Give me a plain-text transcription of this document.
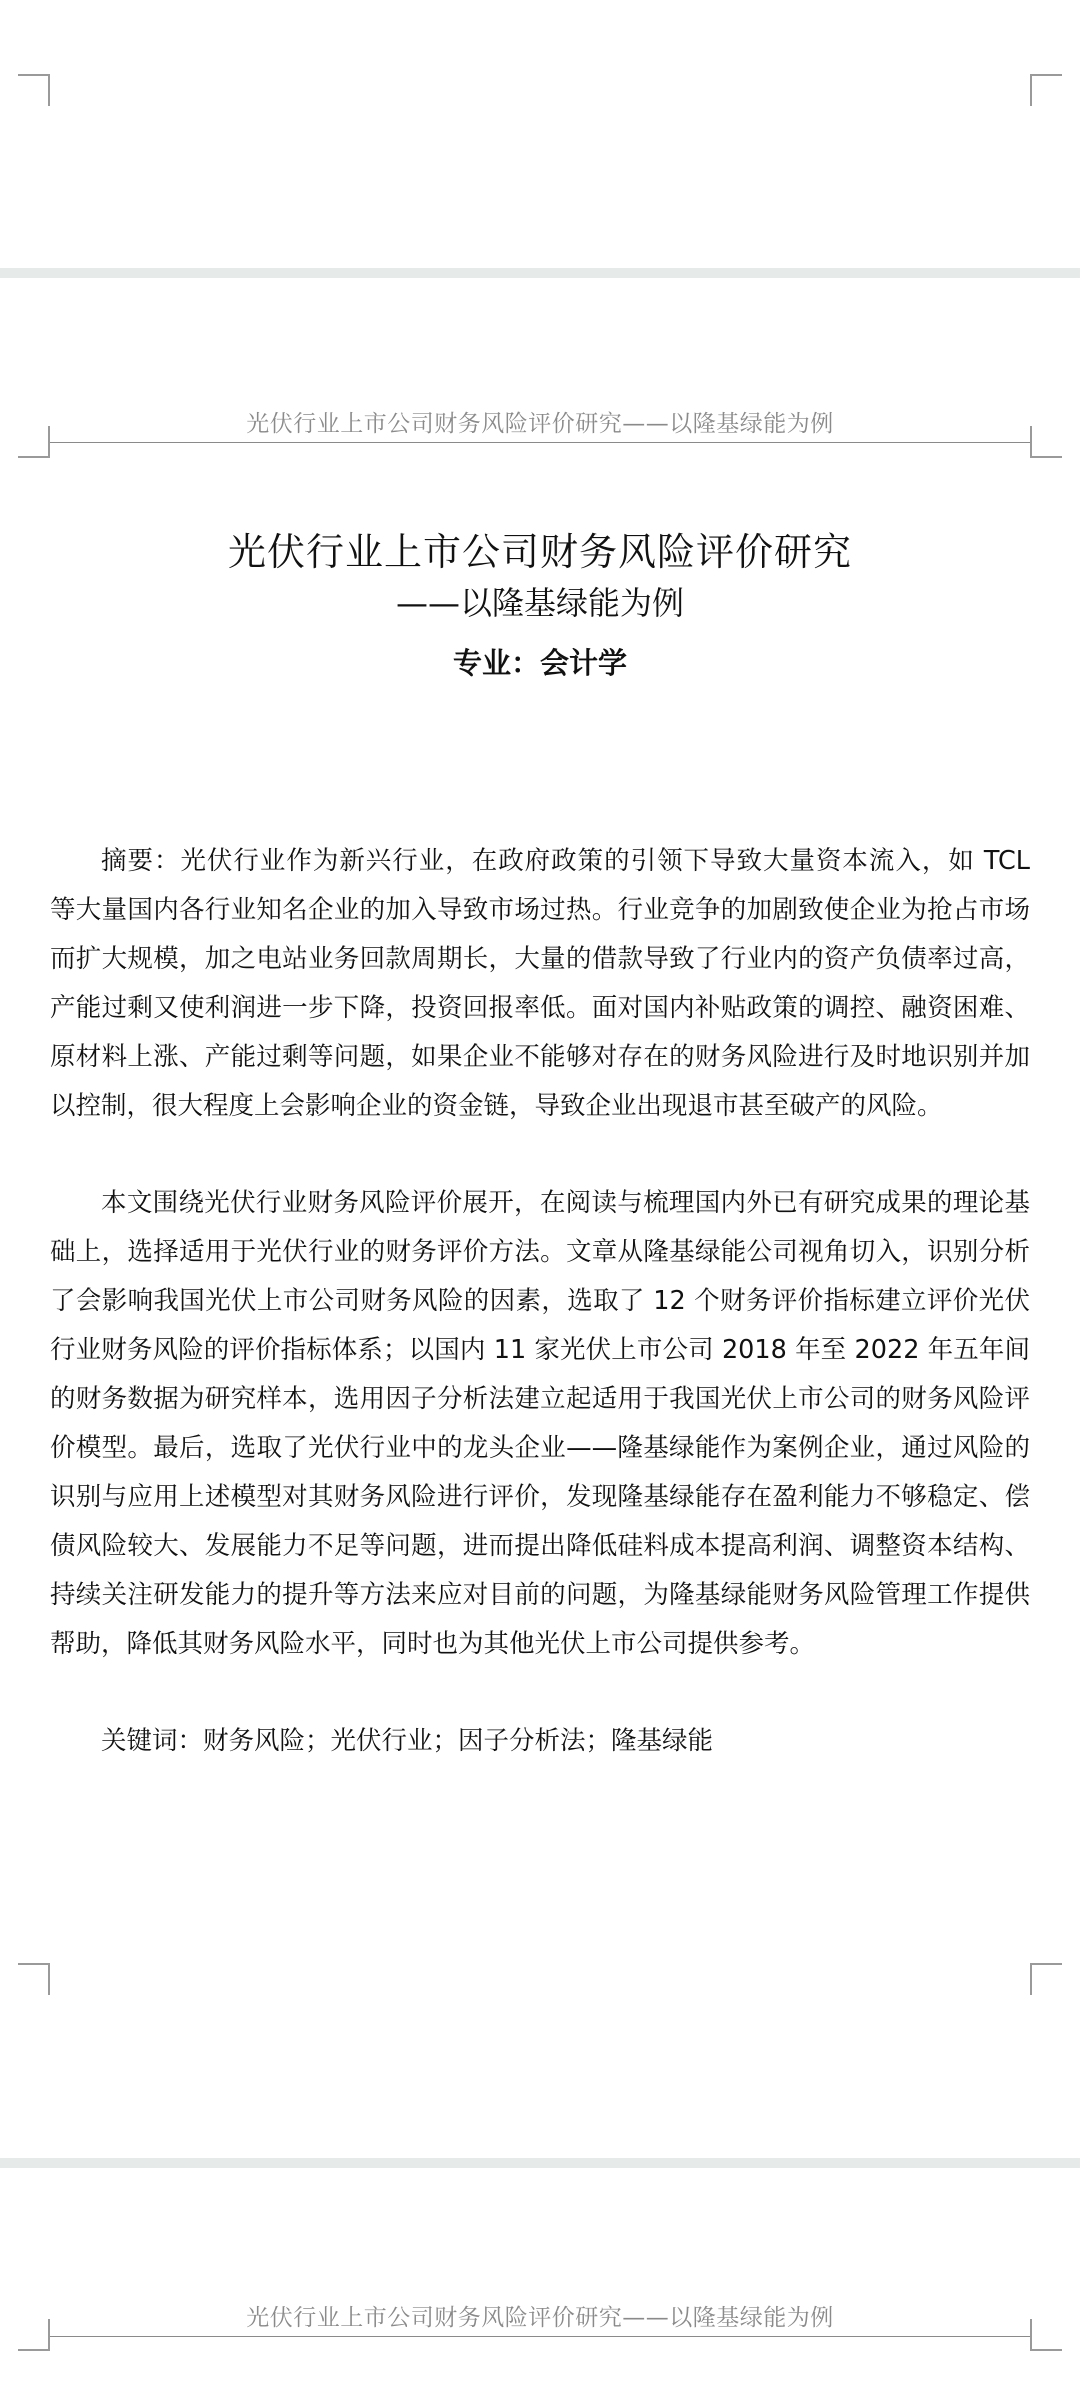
光伏行业上市公司财务风险评价研究——以隆基绿能为例
光伏行业上市公司财务风险评价研究
——以隆基绿能为例
专业：会计学

摘要：光伏行业作为新兴行业，在政府政策的引领下导致大量资本流入，如 TCL 等大量国内各行业知名企业的加入导致市场过热。行业竞争的加剧致使企业为抢占市场而扩大规模，加之电站业务回款周期长，大量的借款导致了行业内的资产负债率过高，产能过剩又使利润进一步下降，投资回报率低。面对国内补贴政策的调控、融资困难、原材料上涨、产能过剩等问题，如果企业不能够对存在的财务风险进行及时地识别并加以控制，很大程度上会影响企业的资金链，导致企业出现退市甚至破产的风险。

本文围绕光伏行业财务风险评价展开，在阅读与梳理国内外已有研究成果的理论基础上，选择适用于光伏行业的财务评价方法。文章从隆基绿能公司视角切入，识别分析了会影响我国光伏上市公司财务风险的因素，选取了 12 个财务评价指标建立评价光伏行业财务风险的评价指标体系；以国内 11 家光伏上市公司 2018 年至 2022 年五年间的财务数据为研究样本，选用因子分析法建立起适用于我国光伏上市公司的财务风险评价模型。最后，选取了光伏行业中的龙头企业——隆基绿能作为案例企业，通过风险的识别与应用上述模型对其财务风险进行评价，发现隆基绿能存在盈利能力不够稳定、偿债风险较大、发展能力不足等问题，进而提出降低硅料成本提高利润、调整资本结构、持续关注研发能力的提升等方法来应对目前的问题，为隆基绿能财务风险管理工作提供帮助，降低其财务风险水平，同时也为其他光伏上市公司提供参考。

关键词：财务风险；光伏行业；因子分析法；隆基绿能
光伏行业上市公司财务风险评价研究——以隆基绿能为例
